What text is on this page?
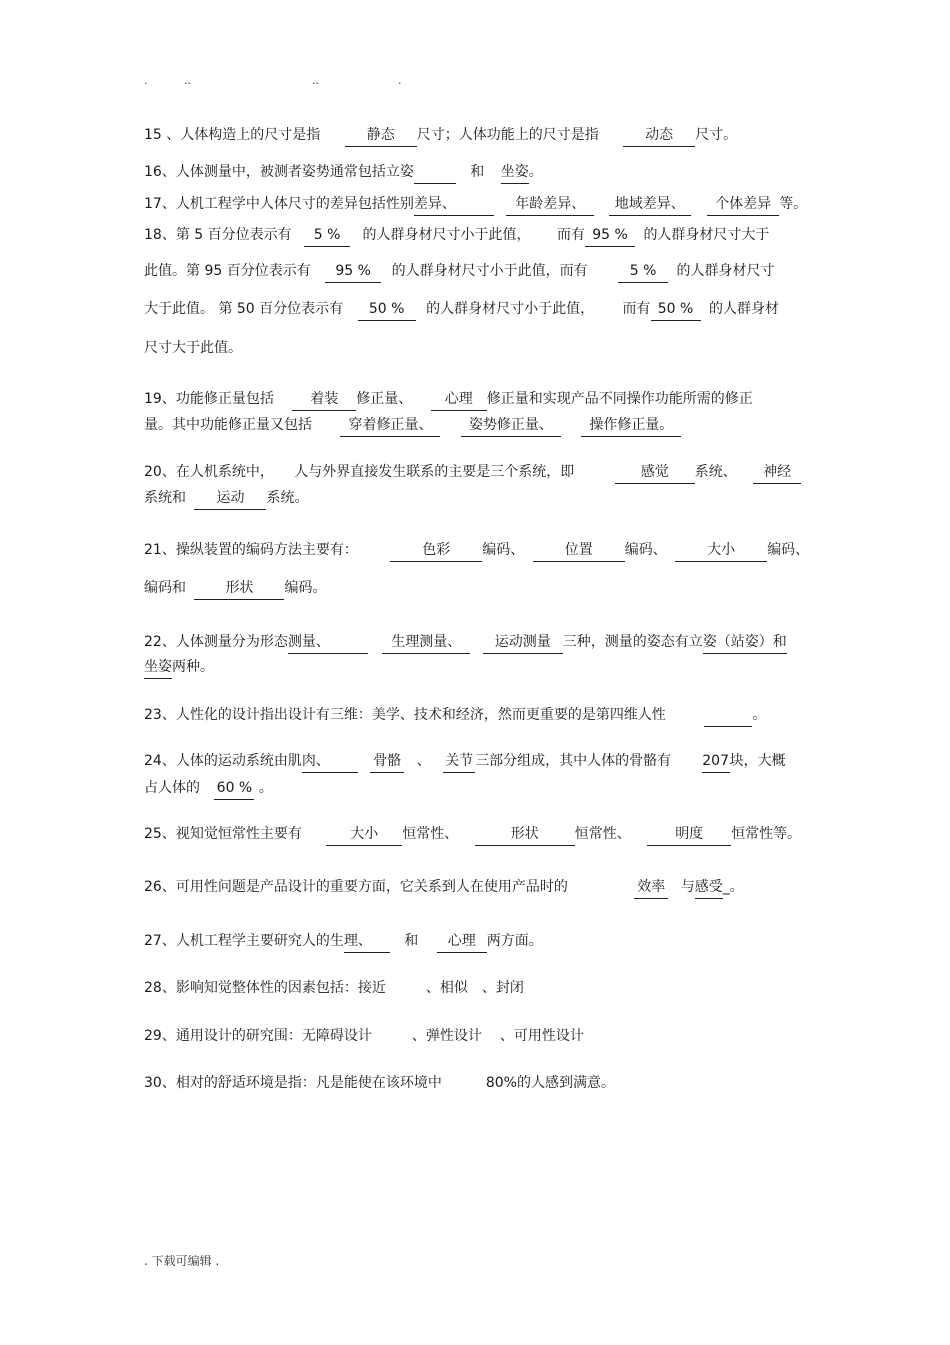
.	..	..	.
15 、人体构造上的尺寸是指	静态 尺寸；人体功能上的尺寸是指	动态 尺寸。
16、人体测量中，被测者姿势通常包括立姿	和 坐姿。
17、人机工程学中人体尺寸的差异包括性别差异、	年龄差异、 地域差异、 个体差异 等。
18、第 5 百分位表示有 5 % 的人群身材尺寸小于此值， 而有 95 % 的人群身材尺寸大于
此值。第 95 百分位表示有 95 % 的人群身材尺寸小于此值，而有	5 % 的人群身材尺寸
大于此值。 第 50 百分位表示有 50 % 的人群身材尺寸小于此值， 而有 50 % 的人群身材
尺寸大于此值。
19、功能修正量包括	着装 修正量、 心理 修正量和实现产品不同操作功能所需的修正
量。其中功能修正量又包括	穿着修正量、	姿势修正量、	操作修正量。
20、在人机系统中， 人与外界直接发生联系的主要是三个系统，即	感觉 系统、 神经
系统和 运动 系统。
21、操纵装置的编码方法主要有：	色彩 编码、	位置 编码、	大小 编码、
编码和	形状 编码。
22、人体测量分为形态测量、	生理测量、 运动测量 三种，测量的姿态有立姿（站姿）和
坐姿两种。
23、人性化的设计指出设计有三维：美学、技术和经济，然而更重要的是第四维人性	。
24、人体的运动系统由肌肉、	骨骼 、 关节 三部分组成，其中人体的骨骼有 207块，大概
占人体的 60 % 。
25、视知觉恒常性主要有	大小 恒常性、	形状	恒常性、	明度 恒常性等。
26、可用性问题是产品设计的重要方面，它关系到人在使用产品时的	效率 与感受_。
27、人机工程学主要研究人的生理、 和 心理 两方面。
28、影响知觉整体性的因素包括：接近	、相似 、封闭
29、通用设计的研究围：无障碍设计	、弹性设计 、可用性设计
30、相对的舒适环境是指：凡是能使在该环境中	80%的人感到满意。
. 下载可编辑 .
